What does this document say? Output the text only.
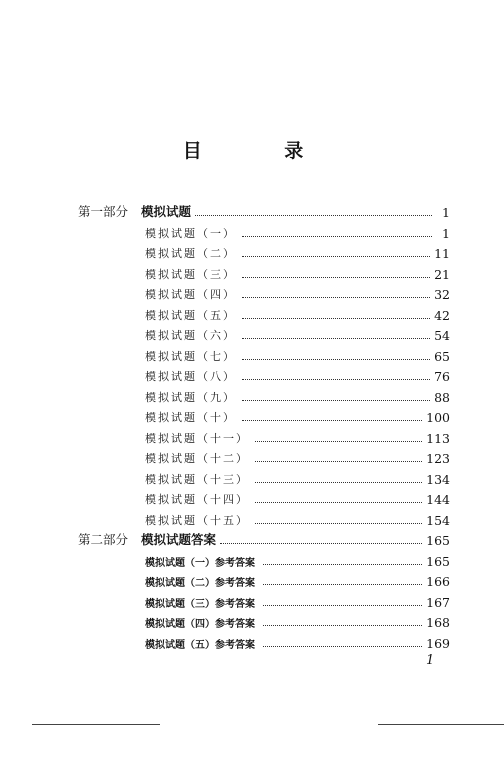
目 录
第一部分 模拟试题	1
模拟试题（一）	1
模拟试题（二）	11
模拟试题（三）	21
模拟试题（四）	32
模拟试题（五）	42
模拟试题（六）	54
模拟试题（七）	65
模拟试题（八）	76
模拟试题（九）	88
模拟试题（十）	100
模拟试题（十一）	113
模拟试题（十二）	123
模拟试题（十三）	134
模拟试题（十四）	144
模拟试题（十五）	154
第二部分 模拟试题答案	165
模拟试题（一）参考答案	165
模拟试题（二）参考答案	166
模拟试题（三）参考答案	167
模拟试题（四）参考答案	168
模拟试题（五）参考答案	169
1
